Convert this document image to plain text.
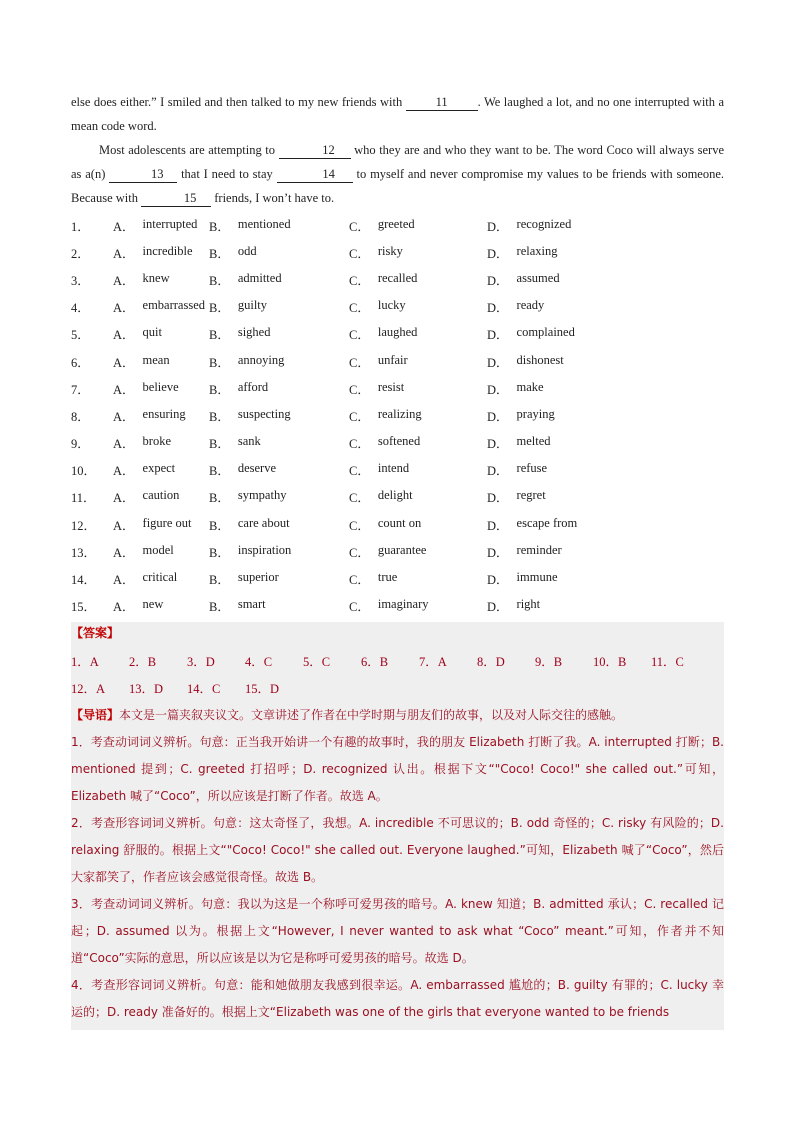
else does either.” I smiled and then talked to my new friends with	11 . We laughed a lot, and no one interrupted with a mean code word.

Most adolescents are attempting to	12 who they are and who they want to be. The word Coco will always serve as a(n)	13 that I need to stay	14 to myself and never compromise my values to be friends with someone. Because with	15 friends, I won’t have to.

1．	A． interrupted B． mentioned	C． greeted	D． recognized
2．	A． incredible B． odd	C． risky	D． relaxing
3．	A． knew	B． admitted	C． recalled	D． assumed
4．	A． embarrassed B． guilty	C． lucky	D． ready
5．	A． quit	B． sighed	C． laughed	D． complained
6．	A． mean	B． annoying	C． unfair	D． dishonest
7．	A． believe B． afford	C． resist	D． make
8．	A． ensuring B． suspecting	C． realizing	D． praying
9．	A． broke	B． sank	C． softened	D． melted
10．	A． expect	B． deserve	C． intend	D． refuse
11．	A． caution B． sympathy	C． delight	D． regret
12．	A． figure out B． care about	C． count on	D． escape from
13．	A． model	B． inspiration	C． guarantee	D． reminder
14．	A． critical	B． superior	C． true	D． immune
15．	A． new	B． smart	C． imaginary	D． right
【答案】
1．A 2．B 3．D 4．C 5．C 6．B 7．A 8．D 9．B 10．B 11．C
12．A 13．D 14．C 15．D
【导语】本文是一篇夹叙夹议文。文章讲述了作者在中学时期与朋友们的故事，以及对人际交往的感触。
1．考查动词词义辨析。句意：正当我开始讲一个有趣的故事时，我的朋友 Elizabeth 打断了我。A. interrupted 打断；B. mentioned 提到；C. greeted 打招呼；D. recognized 认出。根据下文“"Coco! Coco!" she called out.”可知，Elizabeth 喊了“Coco”，所以应该是打断了作者。故选 A。
2．考查形容词词义辨析。句意：这太奇怪了，我想。A. incredible 不可思议的；B. odd 奇怪的；C. risky 有风险的；D. relaxing 舒服的。根据上文“"Coco! Coco!" she called out. Everyone laughed.”可知，Elizabeth 喊了“Coco”，然后大家都笑了，作者应该会感觉很奇怪。故选 B。
3．考查动词词义辨析。句意：我以为这是一个称呼可爱男孩的暗号。A. knew 知道；B. admitted 承认；C. recalled 记起；D. assumed 以为。根据上文“However, I never wanted to ask what “Coco” meant.”可知，作者并不知道“Coco”实际的意思，所以应该是以为它是称呼可爱男孩的暗号。故选 D。
4．考查形容词词义辨析。句意：能和她做朋友我感到很幸运。A. embarrassed 尴尬的；B. guilty 有罪的；C. lucky 幸运的；D. ready 准备好的。根据上文“Elizabeth was one of the girls that everyone wanted to be friends
